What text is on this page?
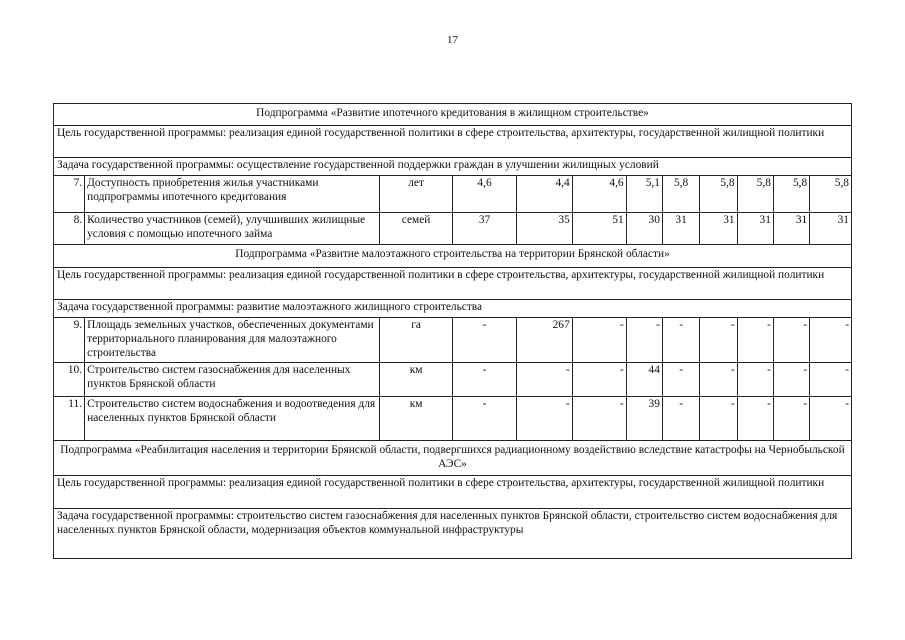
17
Подпрограмма «Развитие ипотечного кредитования в жилищном строительстве»											
Цель государственной программы: реализация единой государственной политики в сфере строительства, архитектуры, государственной жилищной политики											
Задача государственной программы: осуществление государственной поддержки граждан в улучшении жилищных условий											
7.	Доступность приобретения жилья участниками подпрограммы ипотечного кредитования	лет	4,6	4,4	4,6	5,1	5,8	5,8	5,8	5,8	5,8
8.	Количество участников (семей), улучшивших жилищные условия с помощью ипотечного займа	семей	37	35	51	30	31	31	31	31	31
Подпрограмма «Развитие малоэтажного строительства на территории Брянской области»											
Цель государственной программы: реализация единой государственной политики в сфере строительства, архитектуры, государственной жилищной политики											
Задача государственной программы: развитие малоэтажного жилищного строительства											
9.	Площадь земельных участков, обеспеченных документами территориального планирования для малоэтажного строительства	га	-	267	-	-	-	-	-	-	-
10.	Строительство систем газоснабжения для населенных пунктов Брянской области	км	-	-	-	44	-	-	-	-	-
11.	Строительство систем водоснабжения и водоотведения для населенных пунктов Брянской области	км	-	-	-	39	-	-	-	-	-
Подпрограмма «Реабилитация населения и территории Брянской области, подвергшихся радиационному воздействию вследствие катастрофы на Чернобыльской АЭС»											
Цель государственной программы: реализация единой государственной политики в сфере строительства, архитектуры, государственной жилищной политики											
Задача государственной программы: строительство систем газоснабжения для населенных пунктов Брянской области, строительство систем водоснабжения для населенных пунктов Брянской области, модернизация объектов коммунальной инфраструктуры											
